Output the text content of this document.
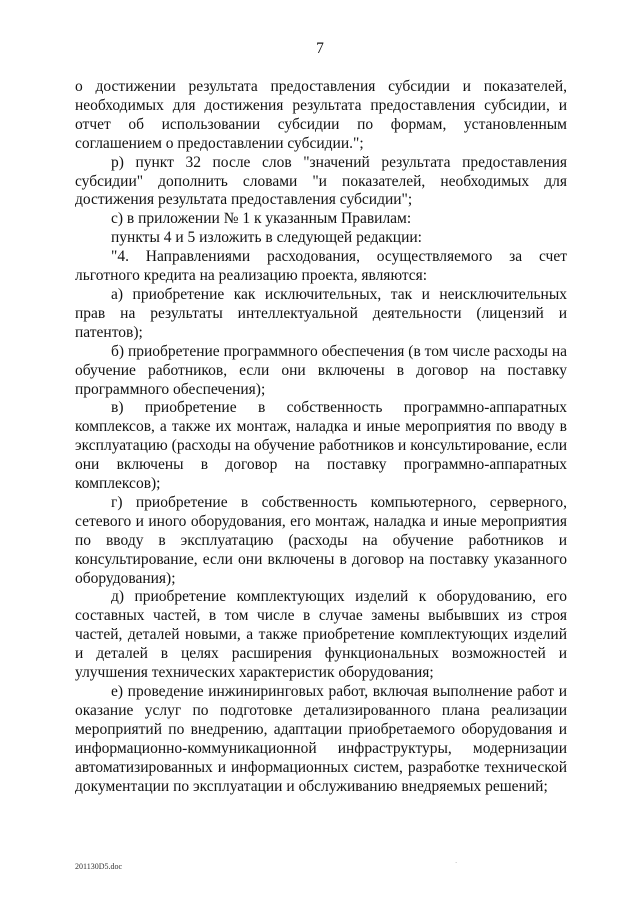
7

о достижении результата предоставления субсидии и показателей, необходимых для достижения результата предоставления субсидии, и отчет об использовании субсидии по формам, установленным соглашением о предоставлении субсидии.";

р) пункт 32 после слов "значений результата предоставления субсидии" дополнить словами "и показателей, необходимых для достижения результата предоставления субсидии";

с) в приложении № 1 к указанным Правилам:

пункты 4 и 5 изложить в следующей редакции:

"4. Направлениями расходования, осуществляемого за счет льготного кредита на реализацию проекта, являются:

а) приобретение как исключительных, так и неисключительных прав на результаты интеллектуальной деятельности (лицензий и патентов);

б) приобретение программного обеспечения (в том числе расходы на обучение работников, если они включены в договор на поставку программного обеспечения);

в) приобретение в собственность программно-аппаратных комплексов, а также их монтаж, наладка и иные мероприятия по вводу в эксплуатацию (расходы на обучение работников и консультирование, если они включены в договор на поставку программно-аппаратных комплексов);

г) приобретение в собственность компьютерного, серверного, сетевого и иного оборудования, его монтаж, наладка и иные мероприятия по вводу в эксплуатацию (расходы на обучение работников и консультирование, если они включены в договор на поставку указанного оборудования);

д) приобретение комплектующих изделий к оборудованию, его составных частей, в том числе в случае замены выбывших из строя частей, деталей новыми, а также приобретение комплектующих изделий и деталей в целях расширения функциональных возможностей и улучшения технических характеристик оборудования;

е) проведение инжиниринговых работ, включая выполнение работ и оказание услуг по подготовке детализированного плана реализации мероприятий по внедрению, адаптации приобретаемого оборудования и информационно-коммуникационной инфраструктуры, модернизации автоматизированных и информационных систем, разработке технической документации по эксплуатации и обслуживанию внедряемых решений;

201130D5.doc	`
